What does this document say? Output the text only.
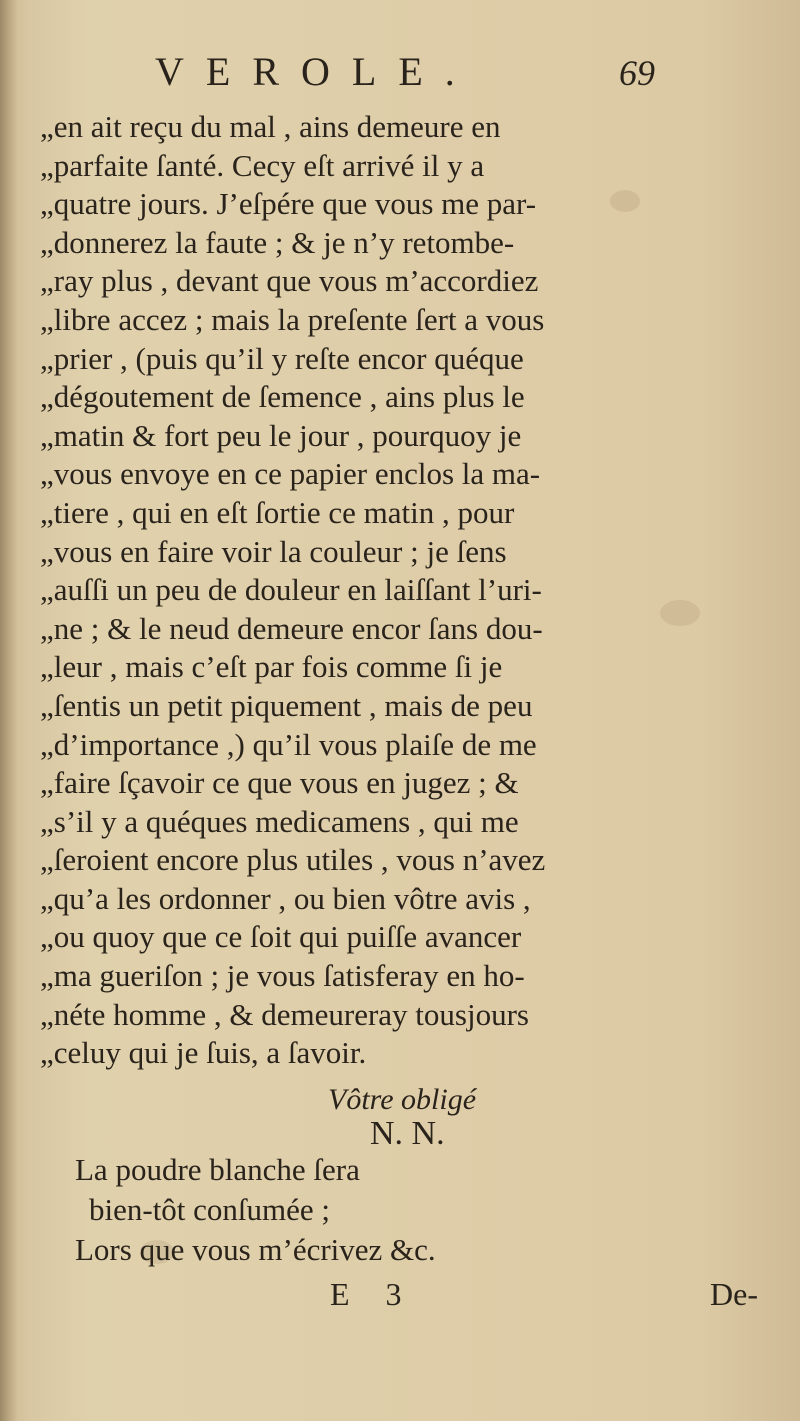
VEROLE.	69
„en ait reçu du mal , ains demeure en
„parfaite ſanté. Cecy eſt arrivé il y a
„quatre jours. J’eſpére que vous me par-
„donnerez la faute ; & je n’y retombe-
„ray plus , devant que vous m’accordiez
„libre accez ; mais la preſente ſert a vous
„prier , (puis qu’il y reſte encor quéque
„dégoutement de ſemence , ains plus le
„matin & fort peu le jour , pourquoy je
„vous envoye en ce papier enclos la ma-
„tiere , qui en eſt ſortie ce matin , pour
„vous en faire voir la couleur ; je ſens
„auſſi un peu de douleur en laiſſant l’uri-
„ne ; & le neud demeure encor ſans dou-
„leur , mais c’eſt par fois comme ſi je
„ſentis un petit piquement , mais de peu
„d’importance ,) qu’il vous plaiſe de me
„faire ſçavoir ce que vous en jugez ; &
„s’il y a quéques medicamens , qui me
„ſeroient encore plus utiles , vous n’avez
„qu’a les ordonner , ou bien vôtre avis ,
„ou quoy que ce ſoit qui puiſſe avancer
„ma gueriſon ; je vous ſatisferay en ho-
„néte homme , & demeureray tousjours
„celuy qui je ſuis, a ſavoir.
Vôtre obligé
N. N.
La poudre blanche ſera
bien-tôt conſumée ;
Lors que vous m’écrivez &c.
E 3	De-
